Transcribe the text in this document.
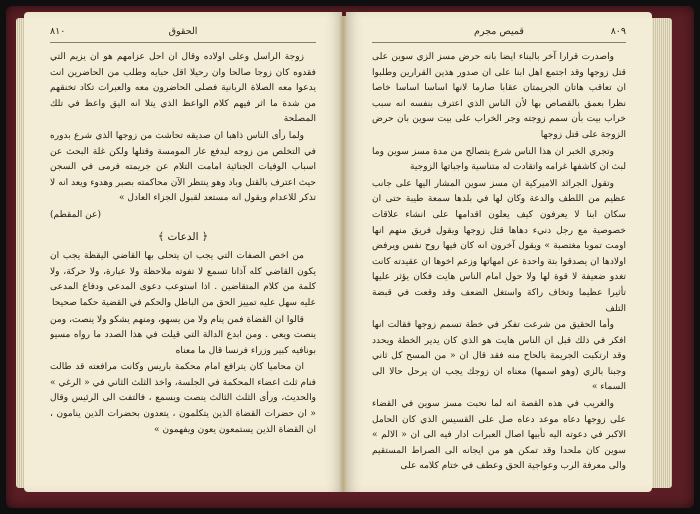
٨١٠	الحقوق

زوجة الراسل وعلى اولاده وقال ان احل عزامهم هو ان يزيم التي فقدوه كان زوجا صالحا وان رحيلا اقل حبايه وطلب من الحاضرين انت يدعوا معه الصلاة الربانية فصلى الحاضرون معه والعبرات تكاد تخنقهم من شدة ما اثر فيهم كلام الواعظ الذي يتلا انه اليق واعظ في تلك المصلحة

ولما رأى الناس ذاهبا ان صديقه تحاشت من زوجها الذي شرع بدوره في التخلص من زوجه ليدفع عار المومسة وقتلها ولكن غلة البحث عن اسباب الوفيات الجنائية امامت التلام عن جريمته فرمى في السجن حيث اعترف بالقتل وباد وهو ينتظر الآن محاكمته بصبر وهدوء ويعد انه لا تذكر للاعدام ويقول انه مستعد لقبول الجزاء العادل »

(عن المقطم)

﴿ الدعات ﴾

من اخص الصفات التي يجب ان يتحلى بها القاضي اليقظة يجب ان يكون القاضي كله آذانا تسمع لا تفوته ملاحظة ولا عبارة، ولا حركة، ولا كلمة من كلام المتقاضين . اذا استوعب دعوى المدعي ودفاع المدعى عليه سهل عليه تمييز الحق من الباطل والحكم في القضية حكما صحيحا

قالوا ان القضاة فمن ينام ولا من يسهو، ومنهم يشكو ولا ينصت، ومن ينصت ويعي . ومن ابدع الدالة التي قيلت في هذا الصدد ما رواه مسيو بونافيه كبير وزراء فرنسا قال ما معناه

ان محاميا كان يترافع امام محكمة باريس وكانت مرافعته قد طالت فنام ثلث اعضاء المحكمة في الجلسة، واخذ الثلث الثاني في « الرغي » والحديث، ورأى الثلث الثالث ينصت ويسمع ، فالتفت الى الرئيس وقال « ان حضرات القضاة الذين يتكلمون ، يتعدون بحضرات الذين ينامون ، ان القضاة الذين يستمعون يعون ويفهمون »

قميص مجرم	٨٠٩

واصدرت قرارا آخر بالبناء ايضا بانه حرض مسز الزي سوين على قتل زوجها وقد اجتمع اهل ابنا على ان صدور هذين القرارين وطلبوا ان تعاقب هاتان الجريمتان عقابا صارما لانها اساسا اساسا خاصا نظرا بعمق بالقصاص بها لأن الناس الذي اعترف بنفسه انه سبب خراب بيت بأن سمم زوجته وجر الخراب على بيت سوين بان حرض الزوجة على قتل زوجها

وتجري الخبر ان هذا الناس شرع يتصالح من مدة مسز سوين وما لبث ان كاشفها غرامه واتقادت له متناسية واجباتها الزوجية

وتقول الجرائد الاميركية ان مسز سوين المشار اليها على جانب عظيم من اللطف والدعة وكان لها في بلدها سمعة طيبة حتى ان سكان ابنا لا يعرفون كيف يعلون اقدامها على انشاء علاقات خصوصية مع رجل دنيء دهاها قتل زوجها ويقول فريق منهم انها اومت تموبا مغتصبة » ويقول آخرون انه كان فيها روح نفس ويرفض اولادها ان يصدقوا بتة واحدة عن امهاتها وزعم اخوها ان عقيدته كانت تغدو ضعيفة لا قوة لها ولا حول امام الناس هايت فكان يؤثر عليها تأثيرا عظيما وتخاف راكة واستغل الضعف وقد وقعت في قبضة التلف

وأما الحقيق من شرعت تفكر في خطة تسمم زوجها فقالت انها افكر في ذلك قبل ان الناس هايت هو الذي كان يدير الخطة ويحدد وقد ارتكبت الجريمة بالحاح منه فقد قال ان « من المسح كل ثاني وجبنا بالزي (وهو اسمها) معناه ان زوجك يجب ان يرحل حالا الى السماء »

والغريب في هذه القصة انه لما نحبت مسز سوين في القضاء على زوجها دعاه موعد دعاه صل على القسيس الذي كان الحامل الاكبر في دعوته اليه تأبيها اصال العبرات ادار فيه الى ان « الالم » سوين كان ملحدا وقد تمكن هو من ايجانه الى الصراط المستقيم والى معرفة الرب وعواجية الحق وعطف في ختام كلامه على
